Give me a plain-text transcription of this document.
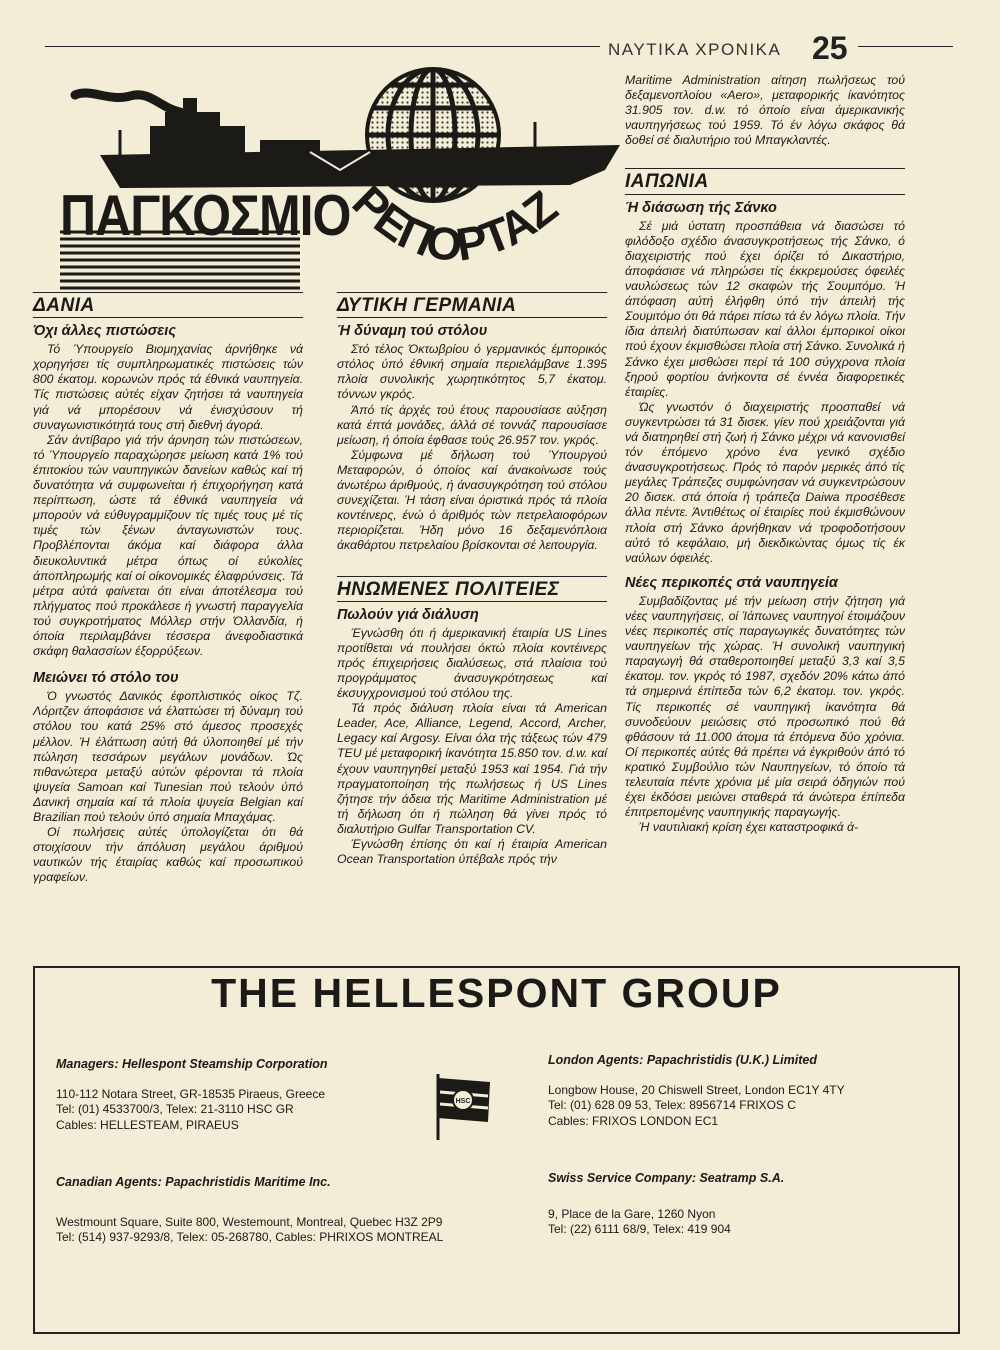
ΝΑΥΤΙΚΑ ΧΡΟΝΙΚΑ 25
ΠΑΓΚΟΣΜΙΟ
ΡΕΠΟΡΤΑΖ
ΔΑΝΙΑ
Όχι άλλες πιστώσεις

Τό Ύπουργείο Βιομηχανίας άρνήθηκε νά χορηγήσει τίς συμπληρωματικές πιστώσεις τών 800 έκατομ. κορωνών πρός τά έθνικά ναυπηγεία. Τίς πιστώσεις αύτές είχαν ζητήσει τά ναυπηγεία γιά νά μπορέσουν νά ένισχύσουν τή συναγωνιστικότητά τους στή διεθνή άγορά.

Σάν άντίβαρο γιά τήν άρνηση τών πιστώσεων, τό Ύπουργείο παραχώρησε μείωση κατά 1% τού έπιτοκίου τών ναυπηγικών δανείων καθώς καί τή δυνατότητα νά συμφωνείται ή έπιχορήγηση κατά περίπτωση, ώστε τά έθνικά ναυπηγεία νά μπορούν νά εύθυγραμμίζουν τίς τιμές τους μέ τίς τιμές τών ξένων άνταγωνιστών τους. Προβλέπονται άκόμα καί διάφορα άλλα διευκολυντικά μέτρα όπως οί εύκολίες άποπληρωμής καί οί οίκονομικές έλαφρύνσεις. Τά μέτρα αύτά φαίνεται ότι είναι άποτέλεσμα τού πλήγματος πού προκάλεσε ή γνωστή παραγγελία τού συγκροτήματος Μόλλερ στήν Όλλανδία, ή όποία περιλαμβάνει τέσσερα άνεφοδιαστικά σκάφη θαλασσίων έξορρύξεων.

Μειώνει τό στόλο του

Ό γνωστός Δανικός έφοπλιστικός οίκος Τζ. Λόριτζεν άποφάσισε νά έλαττώσει τή δύναμη τού στόλου του κατά 25% στό άμεσος προσεχές μέλλον. Ή έλάττωση αύτή θά ύλοποιηθεί μέ τήν πώληση τεσσάρων μεγάλων μονάδων. Ώς πιθανώτερα μεταξύ αύτών φέρονται τά πλοία ψυγεία Samoan καί Tunesian πού τελούν ύπό Δανική σημαία καί τά πλοία ψυγεία Belgian καί Brazilian πού τελούν ύπό σημαία Μπαχάμας.

Οί πωλήσεις αύτές ύπολογίζεται ότι θά στοιχίσουν τήν άπόλυση μεγάλου άριθμού ναυτικών τής έταιρίας καθώς καί προσωπικού γραφείων.

ΔΥΤΙΚΗ ΓΕΡΜΑΝΙΑ
Ή δύναμη τού στόλου

Στό τέλος Όκτωβρίου ό γερμανικός έμπορικός στόλος ύπό έθνική σημαία περιελάμβανε 1.395 πλοία συνολικής χωρητικότητος 5,7 έκατομ. τόννων γκρός.

Άπό τίς άρχές τού έτους παρουσίασε αύξηση κατά έπτά μονάδες, άλλά σέ τοννάζ παρουσίασε μείωση, ή όποία έφθασε τούς 26.957 τον. γκρός.

Σύμφωνα μέ δήλωση τού Ύπουργού Μεταφορών, ό όποίος καί άνακοίνωσε τούς άνωτέρω άριθμούς, ή άνασυγκρότηση τού στόλου συνεχίζεται. Ή τάση είναι όριστικά πρός τά πλοία κοντέινερς, ένώ ό άριθμός τών πετρελαιοφόρων περιορίζεται. Ήδη μόνο 16 δεξαμενόπλοια άκαθάρτου πετρελαίου βρίσκονται σέ λειτουργία.

ΗΝΩΜΕΝΕΣ ΠΟΛΙΤΕΙΕΣ
Πωλούν γιά διάλυση

Έγνώσθη ότι ή άμερικανική έταιρία US Lines προτίθεται νά πουλήσει όκτώ πλοία κοντέινερς πρός έπιχειρήσεις διαλύσεως, στά πλαίσια τού προγράμματος άνασυγκρότησεως καί έκσυγχρονισμού τού στόλου της.

Τά πρός διάλυση πλοία είναι τά American Leader, Ace, Alliance, Legend, Accord, Archer, Legacy καί Argosy. Είναι όλα τής τάξεως τών 479 TEU μέ μεταφορική ίκανότητα 15.850 τον. d.w. καί έχουν ναυπηγηθεί μεταξύ 1953 καί 1954. Γιά τήν πραγματοποίηση τής πωλήσεως ή US Lines ζήτησε τήν άδεια τής Maritime Administration μέ τή δήλωση ότι ή πώληση θά γίνει πρός τό διαλυτήριο Gulfar Transportation CV.

Έγνώσθη έπίσης ότι καί ή έταιρία American Ocean Transportation ύπέβαλε πρός τήν

Maritime Administration αίτηση πωλήσεως τού δεξαμενοπλοίου «Aero», μεταφορικής ίκανότητος 31.905 τον. d.w. τό όποίο είναι άμερικανικής ναυπηγήσεως τού 1959. Τό έν λόγω σκάφος θά δοθεί σέ διαλυτήριο τού Μπαγκλαντές.

ΙΑΠΩΝΙΑ
Ή διάσωση τής Σάνκο

Σέ μιά ύστατη προσπάθεια νά διασώσει τό φιλόδοξο σχέδιο άνασυγκροτήσεως τής Σάνκο, ό διαχειριστής πού έχει όρίζει τό Δικαστήριο, άποφάσισε νά πληρώσει τίς έκκρεμούσες όφειλές ναυλώσεως τών 12 σκαφών τής Σουμιτόμο. Ή άπόφαση αύτή έλήφθη ύπό τήν άπειλή τής Σουμιτόμο ότι θά πάρει πίσω τά έν λόγω πλοία. Τήν ίδια άπειλή διατύπωσαν καί άλλοι έμπορικοί οίκοι πού έχουν έκμισθώσει πλοία στή Σάνκο. Συνολικά ή Σάνκο έχει μισθώσει περί τά 100 σύγχρονα πλοία ξηρού φορτίου άνήκοντα σέ έννέα διαφορετικές έταιρίες.

Ώς γνωστόν ό διαχειριστής προσπαθεί νά συγκεντρώσει τά 31 δισεκ. γίεν πού χρειάζονται γιά νά διατηρηθεί στή ζωή ή Σάνκο μέχρι νά κανονισθεί τόν έπόμενο χρόνο ένα γενικό σχέδιο άνασυγκροτήσεως. Πρός τό παρόν μερικές άπό τίς μεγάλες Τράπεζες συμφώνησαν νά συγκεντρώσουν 20 δισεκ. στά όποία ή τράπεζα Daiwa προσέθεσε άλλα πέντε. Άντιθέτως οί έταιρίες πού έκμισθώνουν πλοία στή Σάνκο άρνήθηκαν νά τροφοδοτήσουν αύτό τό κεφάλαιο, μή διεκδικώντας όμως τίς έκ ναύλων όφειλές.

Νέες περικοπές στά ναυπηγεία

Συμβαδίζοντας μέ τήν μείωση στήν ζήτηση γιά νέες ναυπηγήσεις, οί Ίάπωνες ναυπηγοί έτοιμάζουν νέες περικοπές στίς παραγωγικές δυνατότητες τών ναυπηγείων τής χώρας. Ή συνολική ναυπηγική παραγωγή θά σταθεροποιηθεί μεταξύ 3,3 καί 3,5 έκατομ. τον. γκρός τό 1987, σχεδόν 20% κάτω άπό τά σημερινά έπίπεδα τών 6,2 έκατομ. τον. γκρός. Τίς περικοπές σέ ναυπηγική ίκανότητα θά συνοδεύουν μειώσεις στό προσωπικό πού θά φθάσουν τά 11.000 άτομα τά έπόμενα δύο χρόνια. Οί περικοπές αύτές θά πρέπει νά έγκριθούν άπό τό κρατικό Συμβούλιο τών Ναυπηγείων, τό όποίο τά τελευταία πέντε χρόνια μέ μία σειρά όδηγιών πού έχει έκδόσει μειώνει σταθερά τά άνώτερα έπίπεδα έπιτρεπομένης ναυπηγικής παραγωγής.

Ή ναυτιλιακή κρίση έχει καταστροφικά ά-

THE HELLESPONT GROUP
Managers: Hellespont Steamship Corporation
110-112 Notara Street, GR-18535 Piraeus, Greece
Tel: (01) 4533700/3, Telex: 21-3110 HSC GR
Cables: HELLESTEAM, PIRAEUS
London Agents: Papachristidis (U.K.) Limited
Longbow House, 20 Chiswell Street, London EC1Y 4TY
Tel: (01) 628 09 53, Telex: 8956714 FRIXOS C
Cables: FRIXOS LONDON EC1
HSC
Canadian Agents: Papachristidis Maritime Inc.
Westmount Square, Suite 800, Westemount, Montreal, Quebec H3Z 2P9
Tel: (514) 937-9293/8, Telex: 05-268780, Cables: PHRIXOS MONTREAL
Swiss Service Company: Seatramp S.A.
9, Place de la Gare, 1260 Nyon
Tel: (22) 6111 68/9, Telex: 419 904
